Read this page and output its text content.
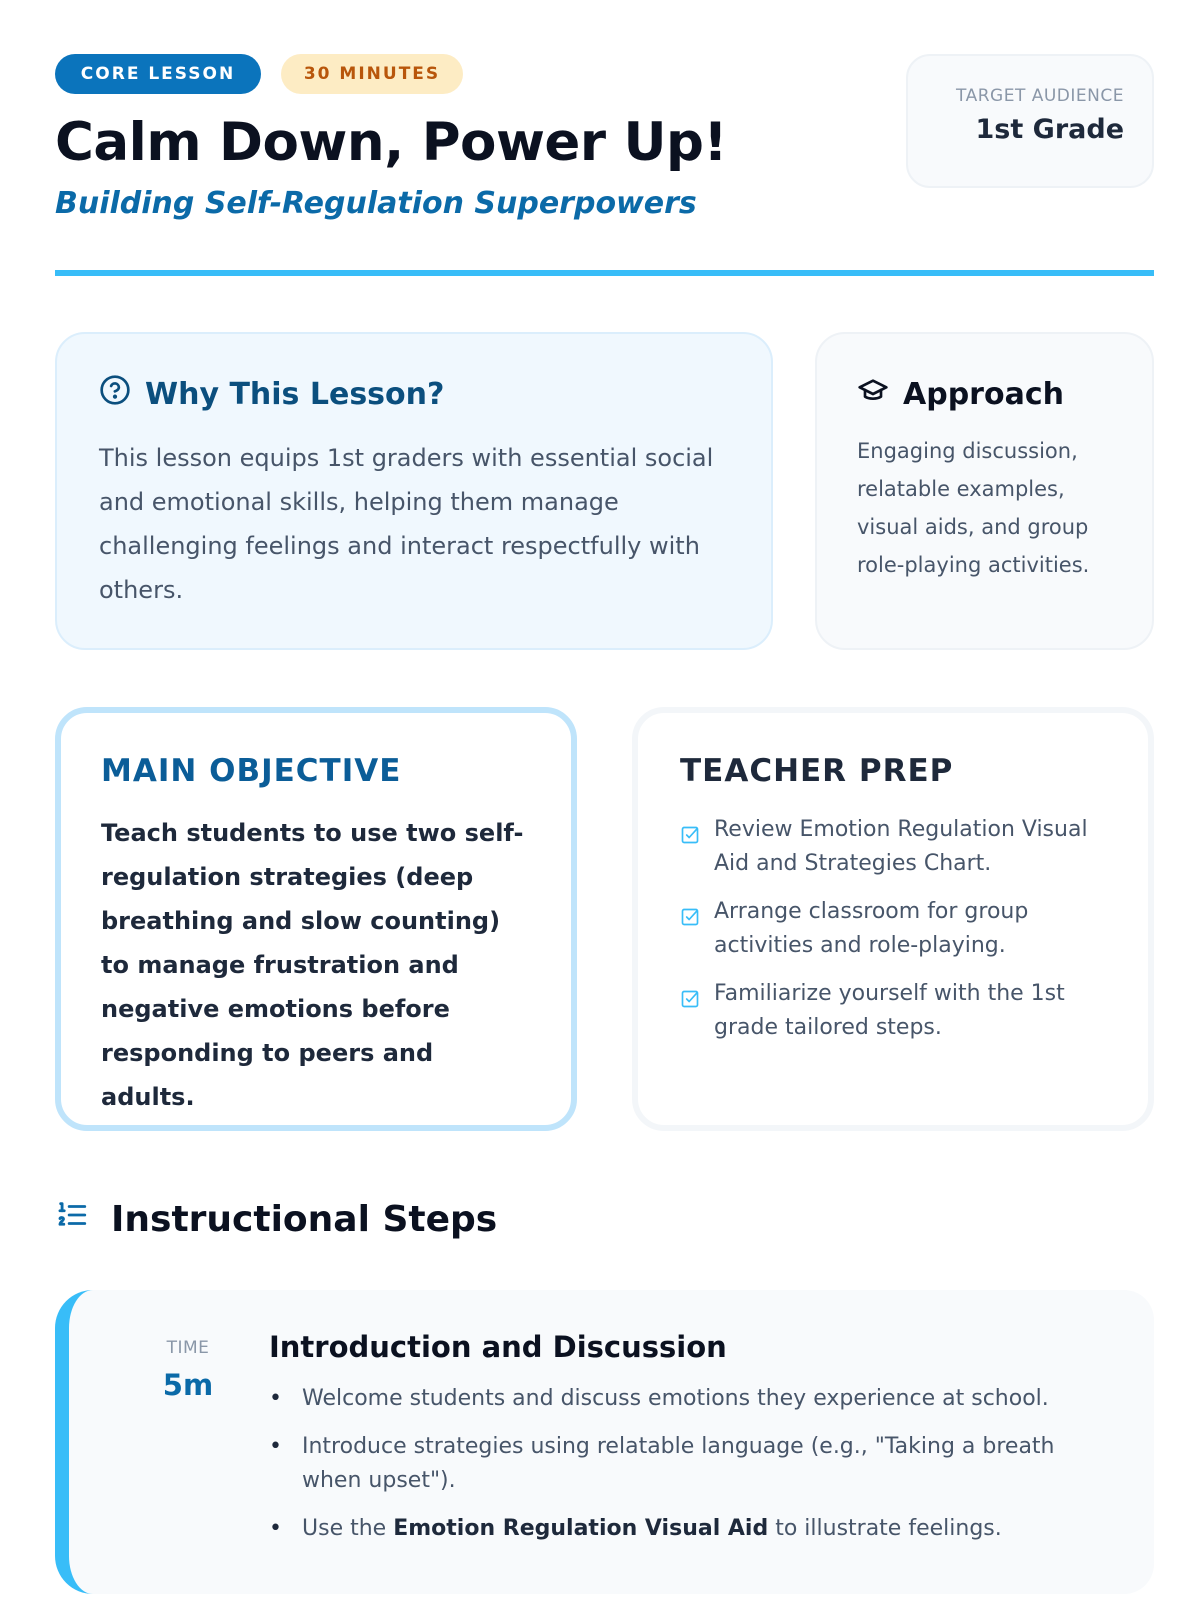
CORE LESSON	30 MINUTES
Calm Down, Power Up!
Building Self-Regulation Superpowers
TARGET AUDIENCE
1st Grade
Why This Lesson?

This lesson equips 1st graders with essential social and emotional skills, helping them manage challenging feelings and interact respectfully with others.

Approach

Engaging discussion, relatable examples, visual aids, and group role-playing activities.

MAIN OBJECTIVE

Teach students to use two self-regulation strategies (deep breathing and slow counting) to manage frustration and negative emotions before responding to peers and adults.

TEACHER PREP
Review Emotion Regulation Visual Aid and Strategies Chart.
Arrange classroom for group activities and role-playing.
Familiarize yourself with the 1st grade tailored steps.
Instructional Steps
TIME
5m
Introduction and Discussion
• Welcome students and discuss emotions they experience at school.
• Introduce strategies using relatable language (e.g., "Taking a breath when upset").
• Use the Emotion Regulation Visual Aid to illustrate feelings.
